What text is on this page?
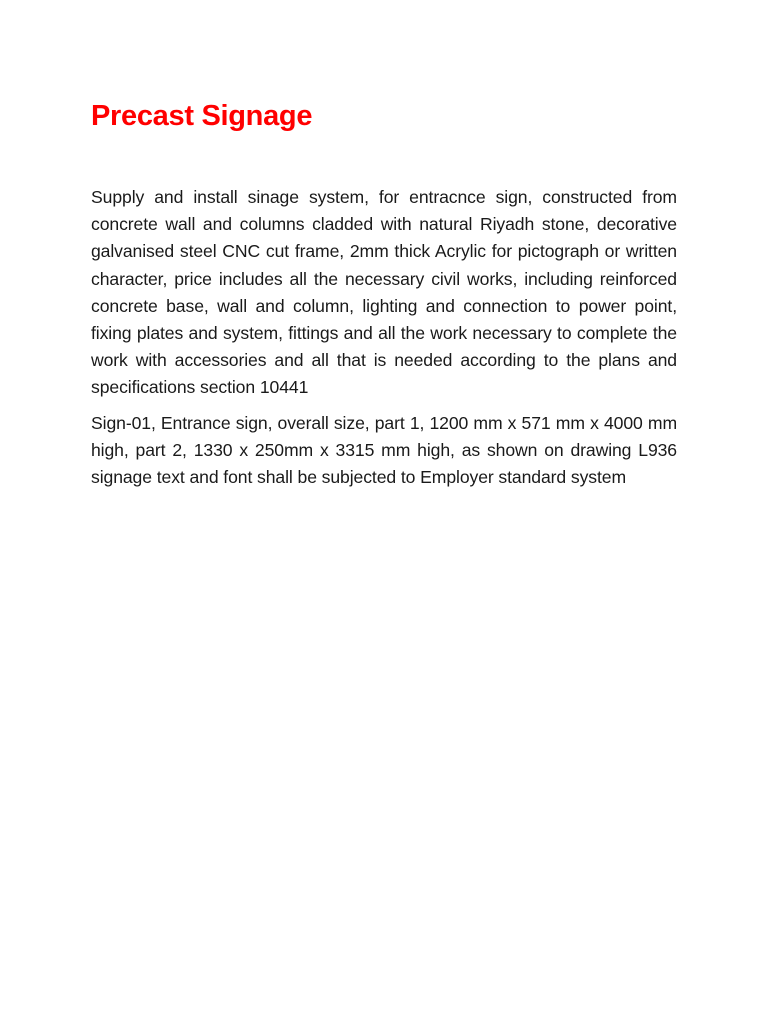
Precast Signage

Supply and install sinage system, for entracnce sign, constructed from concrete wall and columns cladded with natural Riyadh stone, decorative galvanised steel CNC cut frame, 2mm thick Acrylic for pictograph or written character, price includes all the necessary civil works, including reinforced concrete base, wall and column, lighting and connection to power point, fixing plates and system, fittings and all the work necessary to complete the work with accessories and all that is needed according to the plans and specifications section 10441

Sign-01, Entrance sign, overall size, part 1, 1200 mm x 571 mm x 4000 mm high, part 2, 1330 x 250mm x 3315 mm high, as shown on drawing L936 signage text and font shall be subjected to Employer standard system
